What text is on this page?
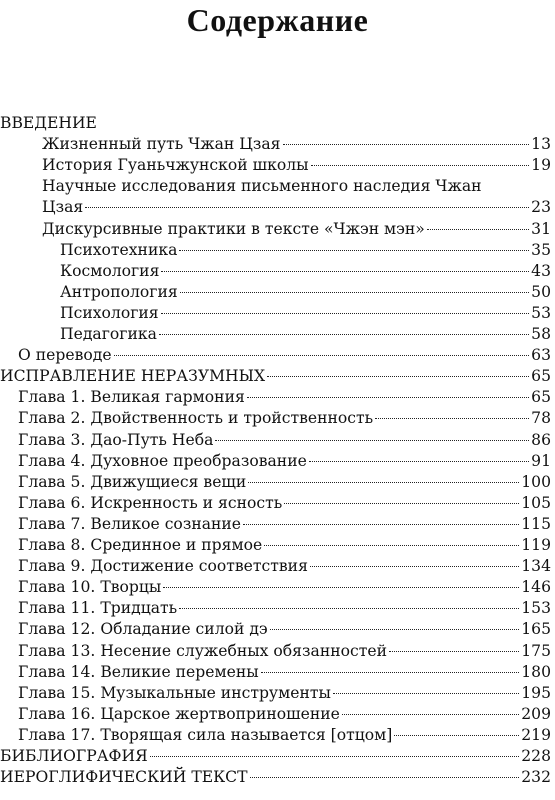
Содержание
ВВЕДЕНИЕ
Жизненный путь Чжан Цзая	13
История Гуаньчжунской школы	19
Научные исследования письменного наследия Чжан
Цзая	23
Дискурсивные практики в тексте «Чжэн мэн»	31
Психотехника	35
Космология	43
Антропология	50
Психология	53
Педагогика	58
О переводе	63
ИСПРАВЛЕНИЕ НЕРАЗУМНЫХ	65
Глава 1. Великая гармония	65
Глава 2. Двойственность и тройственность	78
Глава 3. Дао-Путь Неба	86
Глава 4. Духовное преобразование	91
Глава 5. Движущиеся вещи	100
Глава 6. Искренность и ясность	105
Глава 7. Великое сознание	115
Глава 8. Срединное и прямое	119
Глава 9. Достижение соответствия	134
Глава 10. Творцы	146
Глава 11. Тридцать	153
Глава 12. Обладание силой дэ	165
Глава 13. Несение служебных обязанностей	175
Глава 14. Великие перемены	180
Глава 15. Музыкальные инструменты	195
Глава 16. Царское жертвоприношение	209
Глава 17. Творящая сила называется [отцом]	219
БИБЛИОГРАФИЯ	228
ИЕРОГЛИФИЧЕСКИЙ ТЕКСТ	232
